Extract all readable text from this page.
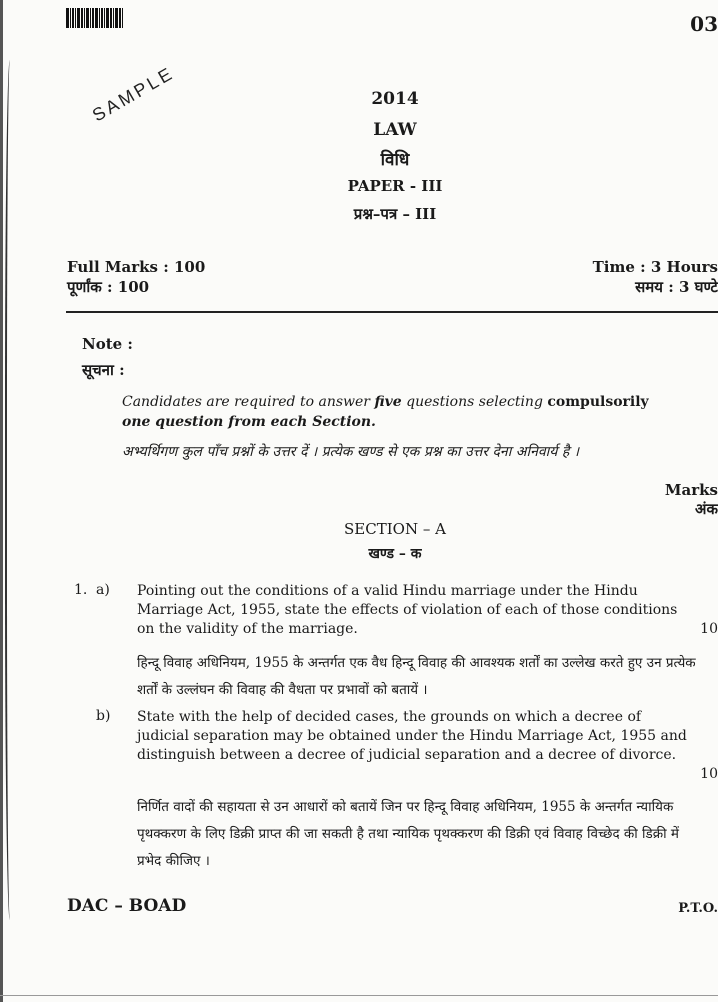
03
SAMPLE	2014
LAW
विधि
PAPER - III
प्रश्न–पत्र – III
Full Marks : 100
पूर्णांक : 100
Time : 3 Hours
समय : 3 घण्टे
Note :
सूचना :
Candidates are required to answer five questions selecting compulsorily
one question from each Section.
अभ्यर्थिगण कुल पाँच प्रश्नों के उत्तर दें । प्रत्येक खण्ड से एक प्रश्न का उत्तर देना अनिवार्य है ।
Marks
अंक
SECTION – A
खण्ड – क
1. a) Pointing out the conditions of a valid Hindu marriage under the Hindu Marriage Act, 1955, state the effects of violation of each of those conditions on the validity of the marriage.	10
हिन्दू विवाह अधिनियम, 1955 के अन्तर्गत एक वैध हिन्दू विवाह की आवश्यक शर्तों का उल्लेख करते हुए उन प्रत्येक शर्तों के उल्लंघन की विवाह की वैधता पर प्रभावों को बतायें ।
b) State with the help of decided cases, the grounds on which a decree of judicial separation may be obtained under the Hindu Marriage Act, 1955 and distinguish between a decree of judicial separation and a decree of divorce.
10
निर्णित वादों की सहायता से उन आधारों को बतायें जिन पर हिन्दू विवाह अधिनियम, 1955 के अन्तर्गत न्यायिक पृथक्करण के लिए डिक्री प्राप्त की जा सकती है तथा न्यायिक पृथक्करण की डिक्री एवं विवाह विच्छेद की डिक्री में प्रभेद कीजिए ।
DAC – BOAD	P.T.O.
